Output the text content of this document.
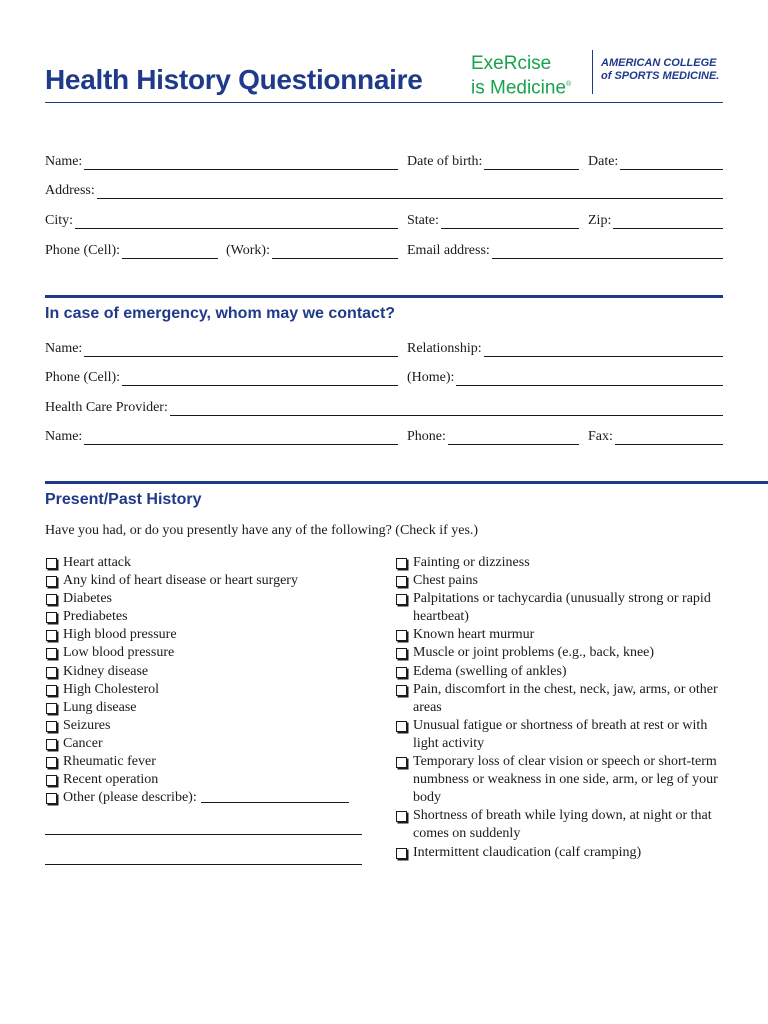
Health History Questionnaire
ExeRcise
is Medicine®
AMERICAN COLLEGE
of SPORTS MEDICINE.
Name:	Date of birth:	Date:
Address:
City:	State:	Zip:
Phone (Cell):	(Work):	Email address:
In case of emergency, whom may we contact?
Name:	Relationship:
Phone (Cell):	(Home):
Health Care Provider:
Name:	Phone:	Fax:
Present/Past History
Have you had, or do you presently have any of the following? (Check if yes.)
Heart attack
Any kind of heart disease or heart surgery
Diabetes
Prediabetes
High blood pressure
Low blood pressure
Kidney disease
High Cholesterol
Lung disease
Seizures
Cancer
Rheumatic fever
Recent operation
Other (please describe):
Fainting or dizziness
Chest pains
Palpitations or tachycardia (unusually strong or rapid heartbeat)
Known heart murmur
Muscle or joint problems (e.g., back, knee)
Edema (swelling of ankles)
Pain, discomfort in the chest, neck, jaw, arms, or other areas
Unusual fatigue or shortness of breath at rest or with light activity
Temporary loss of clear vision or speech or short-term numbness or weakness in one side, arm, or leg of your body
Shortness of breath while lying down, at night or that comes on suddenly
Intermittent claudication (calf cramping)
